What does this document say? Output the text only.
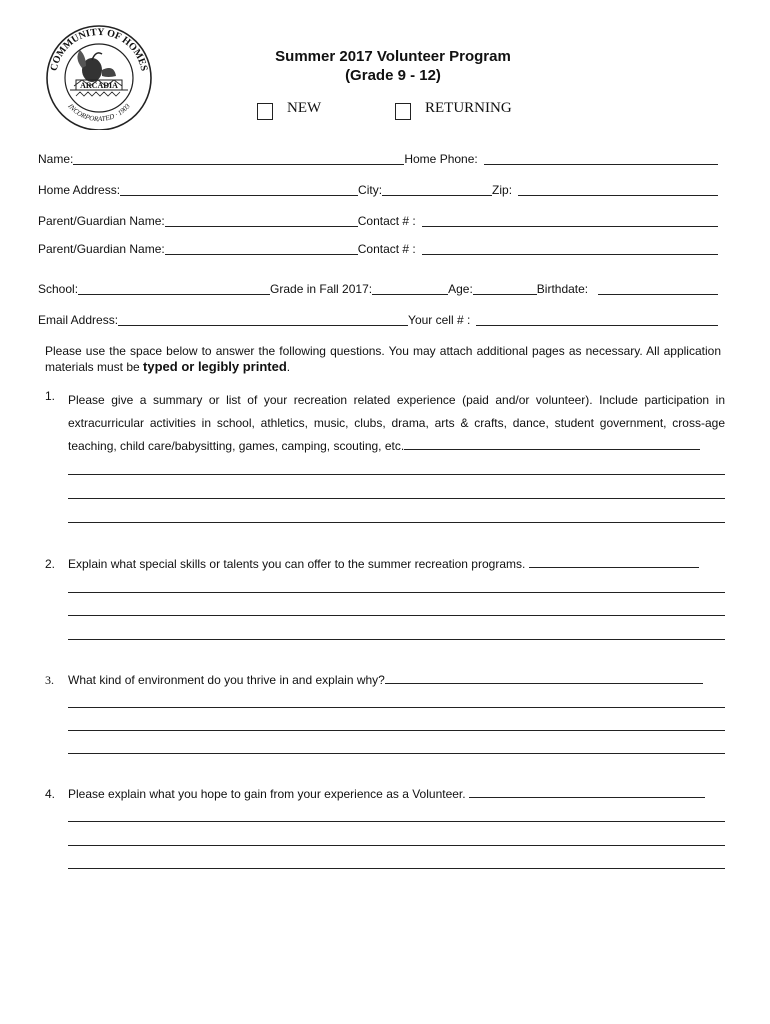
COMMUNITY OF HOMES
INCORPORATED · 1903
ARCADIA
Summer 2017 Volunteer Program
(Grade 9 - 12)
NEW	RETURNING
Name:	Home Phone:
Home Address:	City:	Zip:
Parent/Guardian Name:	Contact # :
Parent/Guardian Name:	Contact # :
School:	Grade in Fall 2017:	Age:	Birthdate:
Email Address:	Your cell # :
Please use the space below to answer the following questions. You may attach additional pages as necessary. All application materials must be typed or legibly printed.
1. Please give a summary or list of your recreation related experience (paid and/or volunteer). Include participation in extracurricular activities in school, athletics, music, clubs, drama, arts & crafts, dance, student government, cross-age teaching, child care/babysitting, games, camping, scouting, etc.
2. Explain what special skills or talents you can offer to the summer recreation programs.
3. What kind of environment do you thrive in and explain why?
4. Please explain what you hope to gain from your experience as a Volunteer.
